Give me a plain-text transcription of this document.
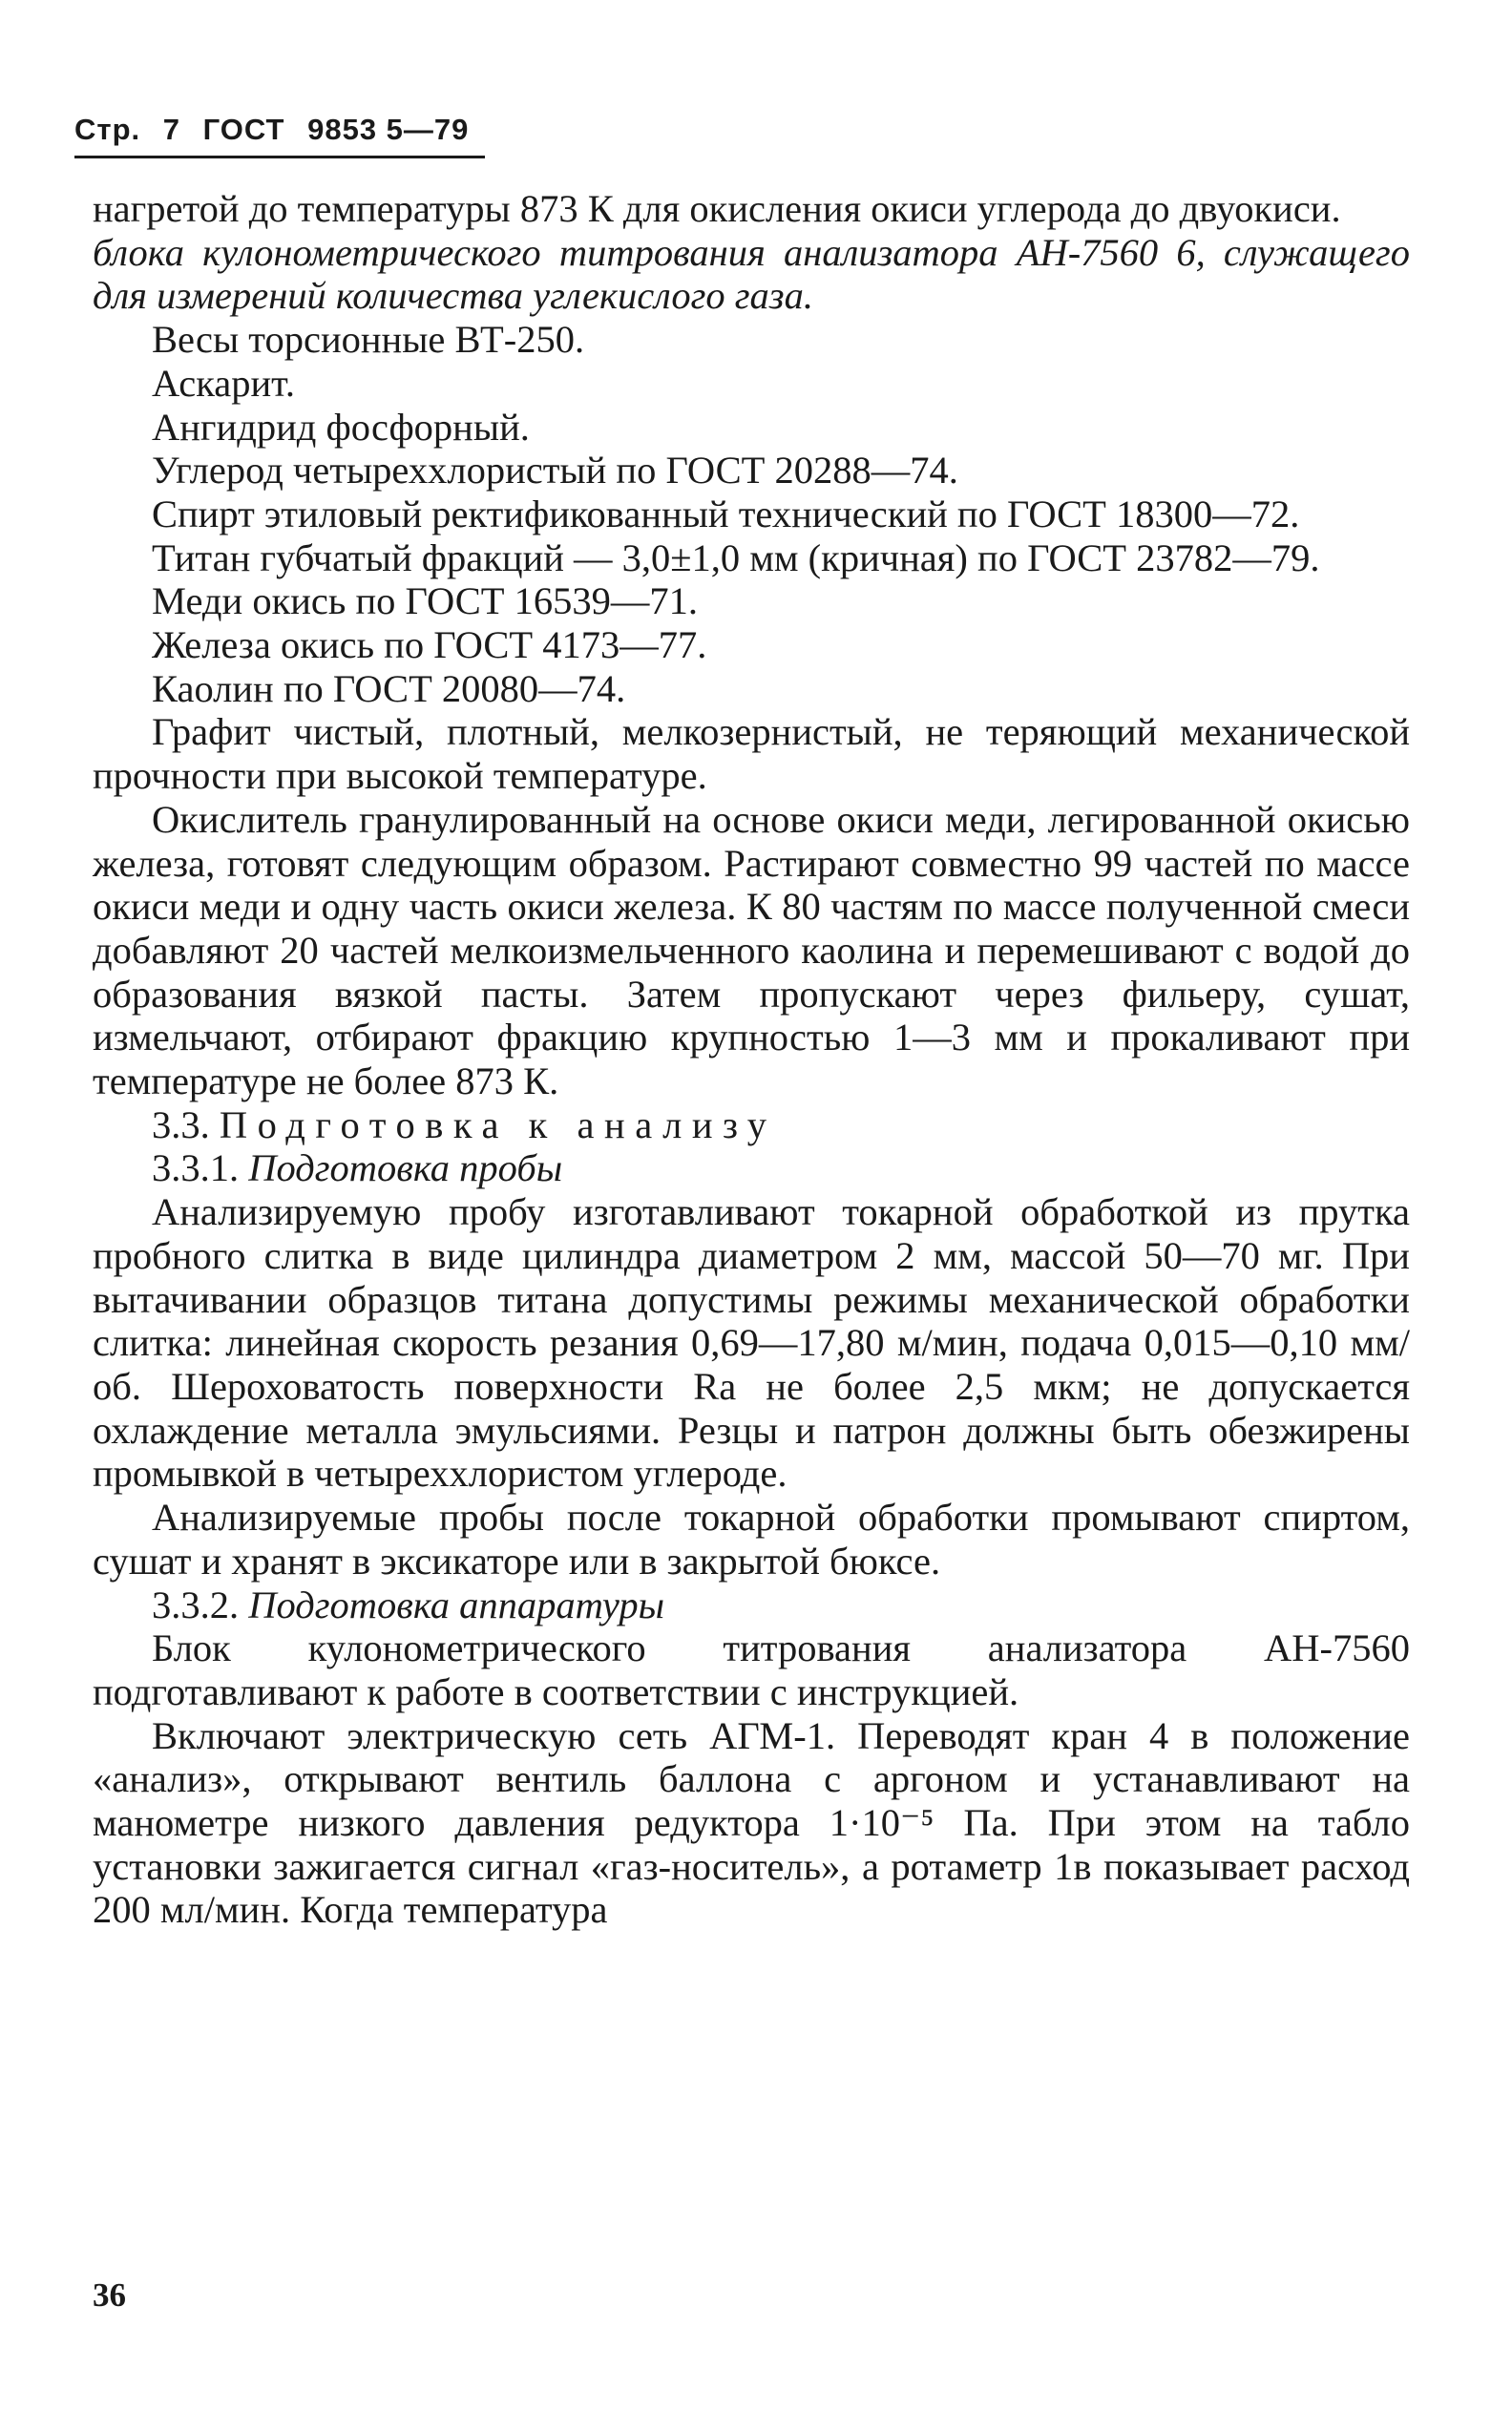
Стр. 7 ГОСТ 9853 5—79

нагретой до температуры 873 К для окисления окиси углерода до двуокиси.

блока кулонометрического титрования анализатора АН-7560 6, служащего для измерений количества углекислого газа.

Весы торсионные ВТ-250.

Аскарит.

Ангидрид фосфорный.

Углерод четыреххлористый по ГОСТ 20288—74.

Спирт этиловый ректификованный технический по ГОСТ 18300—72.

Титан губчатый фракций — 3,0±1,0 мм (кричная) по ГОСТ 23782—79.

Меди окись по ГОСТ 16539—71.

Железа окись по ГОСТ 4173—77.

Каолин по ГОСТ 20080—74.

Графит чистый, плотный, мелкозернистый, не теряющий механической прочности при высокой температуре.

Окислитель гранулированный на основе окиси меди, легированной окисью железа, готовят следующим образом. Растирают совместно 99 частей по массе окиси меди и одну часть окиси железа. К 80 частям по массе полученной смеси добавляют 20 частей мелкоизмельченного каолина и перемешивают с водой до образования вязкой пасты. Затем пропускают через фильеру, сушат, измельчают, отбирают фракцию крупностью 1—3 мм и прокаливают при температуре не более 873 К.

3.3. Подготовка к анализу

3.3.1. Подготовка пробы

Анализируемую пробу изготавливают токарной обработкой из прутка пробного слитка в виде цилиндра диаметром 2 мм, массой 50—70 мг. При вытачивании образцов титана допустимы режимы механической обработки слитка: линейная скорость резания 0,69—17,80 м/мин, подача 0,015—0,10 мм/об. Шероховатость поверхности Ra не более 2,5 мкм; не допускается охлаждение металла эмульсиями. Резцы и патрон должны быть обезжирены промывкой в четыреххлористом углероде.

Анализируемые пробы после токарной обработки промывают спиртом, сушат и хранят в эксикаторе или в закрытой бюксе.

3.3.2. Подготовка аппаратуры

Блок кулонометрического титрования анализатора АН-7560 подготавливают к работе в соответствии с инструкцией.

Включают электрическую сеть АГМ-1. Переводят кран 4 в положение «анализ», открывают вентиль баллона с аргоном и устанавливают на манометре низкого давления редуктора 1·10⁻⁵ Па. При этом на табло установки зажигается сигнал «газ-носитель», а ротаметр 1в показывает расход 200 мл/мин. Когда температура

36
